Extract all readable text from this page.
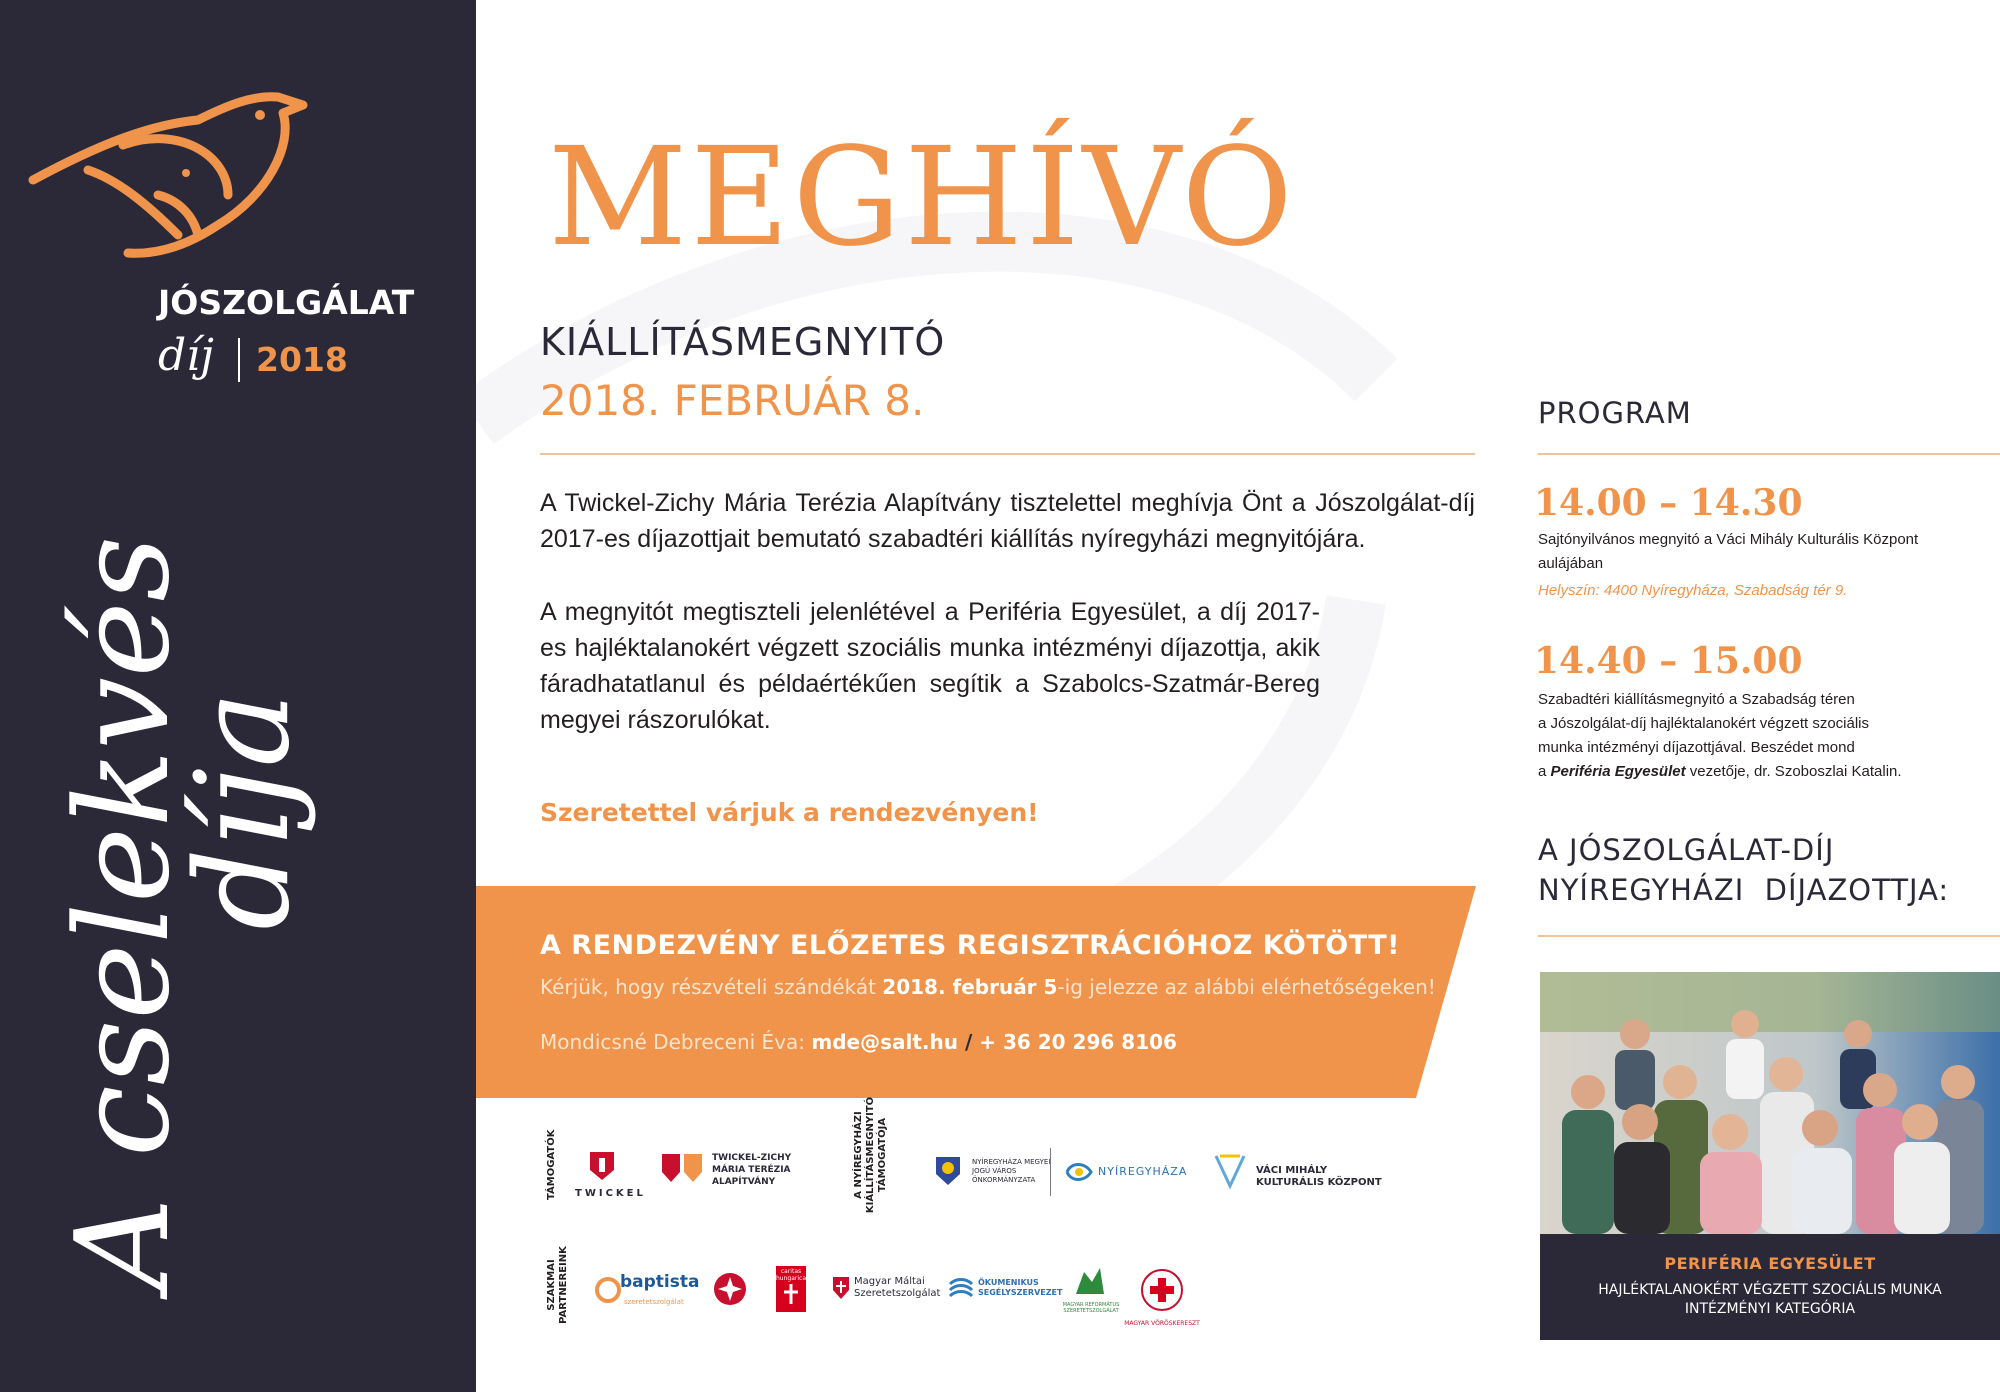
JÓSZOLGÁLAT
díj 2018
A cselekvés
díja
MEGHÍVÓ
KIÁLLÍTÁSMEGNYITÓ
2018. FEBRUÁR 8.
A Twickel-Zichy Mária Terézia Alapítvány tisztelettel meghívja Önt a Jószolgálat-díj 2017-es díjazottjait bemutató szabadtéri kiállítás nyíregyházi megnyitójára.
A megnyitót megtiszteli jelenlétével a Periféria Egyesület, a díj 2017-es hajléktalanokért végzett szociális munka intézményi díjazottja, akik fáradhatatlanul és példaértékűen segítik a Szabolcs-Szatmár-Bereg megyei rászorulókat.
Szeretettel várjuk a rendezvényen!
A RENDEZVÉNY ELŐZETES REGISZTRÁCIÓHOZ KÖTÖTT!
Kérjük, hogy részvételi szándékát 2018. február 5-ig jelezze az alábbi elérhetőségeken!
Mondicsné Debreceni Éva: mde@salt.hu / + 36 20 296 8106
TÁMOGATÓK	A NYÍREGYHÁZI KIÁLLÍTÁSMEGNYITÓ TÁMOGATÓJA
SZAKMAI PARTNEREINK
TWICKEL
TWICKEL-ZICHY MÁRIA TERÉZIA ALAPÍTVÁNY
NYÍREGYHÁZA MEGYEI JOGÚ VÁROS ÖNKORMÁNYZATA
NYÍREGYHÁZA	VÁCI MIHÁLY KULTURÁLIS KÖZPONT
baptista
szeretetszolgálat
caritas hungarica	Magyar Máltai Szeretetszolgálat
ÖKUMENIKUS SEGÉLYSZERVEZET
MAGYAR REFORMÁTUS SZERETETSZOLGÁLAT
MAGYAR VÖRÖSKERESZT
PROGRAM
14.00 – 14.30
Sajtónyilvános megnyitó a Váci Mihály Kulturális Központ aulájában
Helyszín: 4400 Nyíregyháza, Szabadság tér 9.
14.40 – 15.00
Szabadtéri kiállításmegnyitó a Szabadság téren
a Jószolgálat-díj hajléktalanokért végzett szociális
munka intézményi díjazottjával. Beszédet mond
a Periféria Egyesület vezetője, dr. Szoboszlai Katalin.
A JÓSZOLGÁLAT-DÍJ
NYÍREGYHÁZI  DÍJAZOTTJA:
PERIFÉRIA EGYESÜLET
HAJLÉKTALANOKÉRT VÉGZETT SZOCIÁLIS MUNKA
INTÉZMÉNYI KATEGÓRIA
